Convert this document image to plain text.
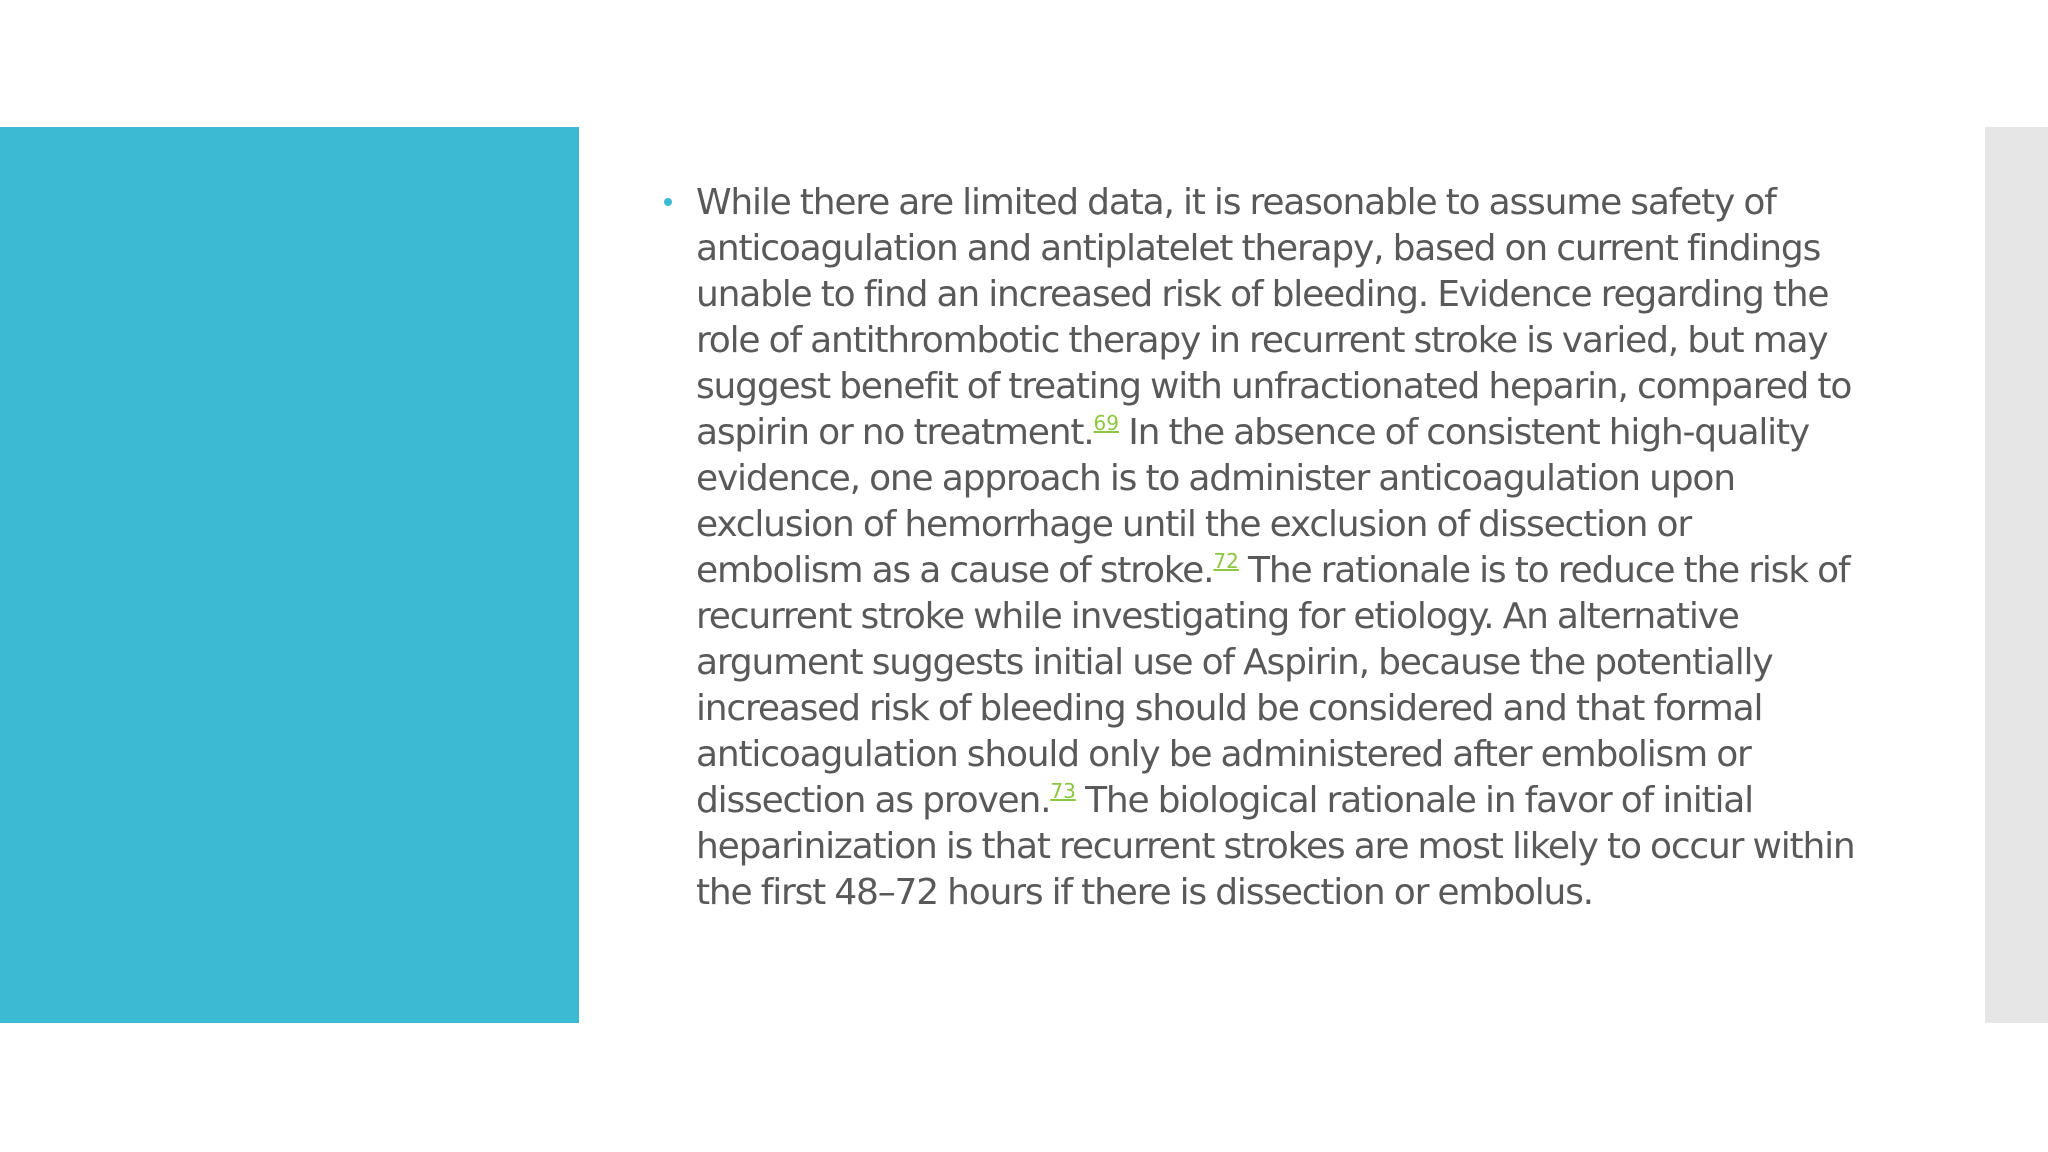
While there are limited data, it is reasonable to assume safety of anticoagulation and antiplatelet therapy, based on current findings unable to find an increased risk of bleeding. Evidence regarding the role of antithrombotic therapy in recurrent stroke is varied, but may suggest benefit of treating with unfractionated heparin, compared to aspirin or no treatment.$^{69}$ In the absence of consistent high-quality evidence, one approach is to administer anticoagulation upon exclusion of hemorrhage until the exclusion of dissection or embolism as a cause of stroke.$^{72}$ The rationale is to reduce the risk of recurrent stroke while investigating for etiology. An alternative argument suggests initial use of Aspirin, because the potentially increased risk of bleeding should be considered and that formal anticoagulation should only be administered after embolism or dissection as proven.$^{73}$ The biological rationale in favor of initial heparinization is that recurrent strokes are most likely to occur within the first 48–72 hours if there is dissection or embolus.
